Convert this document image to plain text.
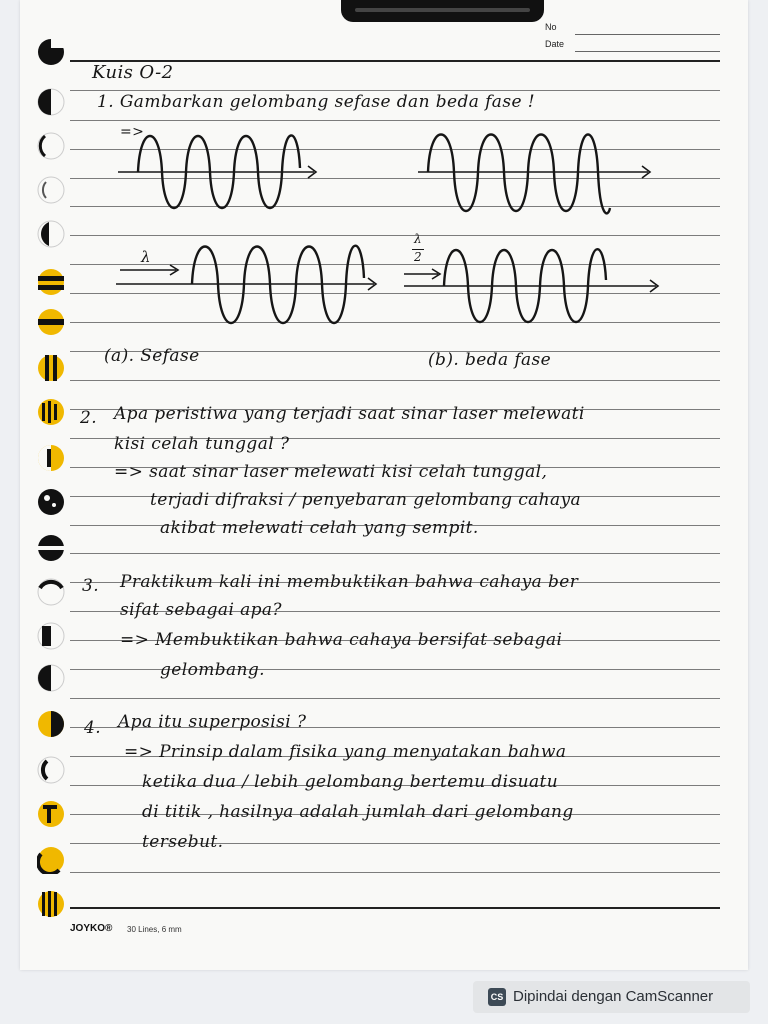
No
Date
Kuis O-2
1. Gambarkan gelombang sefase dan beda fase !
=>
λ
λ
2
(a). Sefase	(b). beda fase
2. Apa peristiwa yang terjadi saat sinar laser melewati
kisi celah tunggal ?
=> saat sinar laser melewati kisi celah tunggal,
terjadi difraksi / penyebaran gelombang cahaya
akibat melewati celah yang sempit.
3. Praktikum kali ini membuktikan bahwa cahaya ber
sifat sebagai apa?
=> Membuktikan bahwa cahaya bersifat sebagai
gelombang.
4. Apa itu superposisi ?
=> Prinsip dalam fisika yang menyatakan bahwa
ketika dua / lebih gelombang bertemu disuatu
di titik , hasilnya adalah jumlah dari gelombang
tersebut.
JOYKO® 30 Lines, 6 mm
CS Dipindai dengan CamScanner
